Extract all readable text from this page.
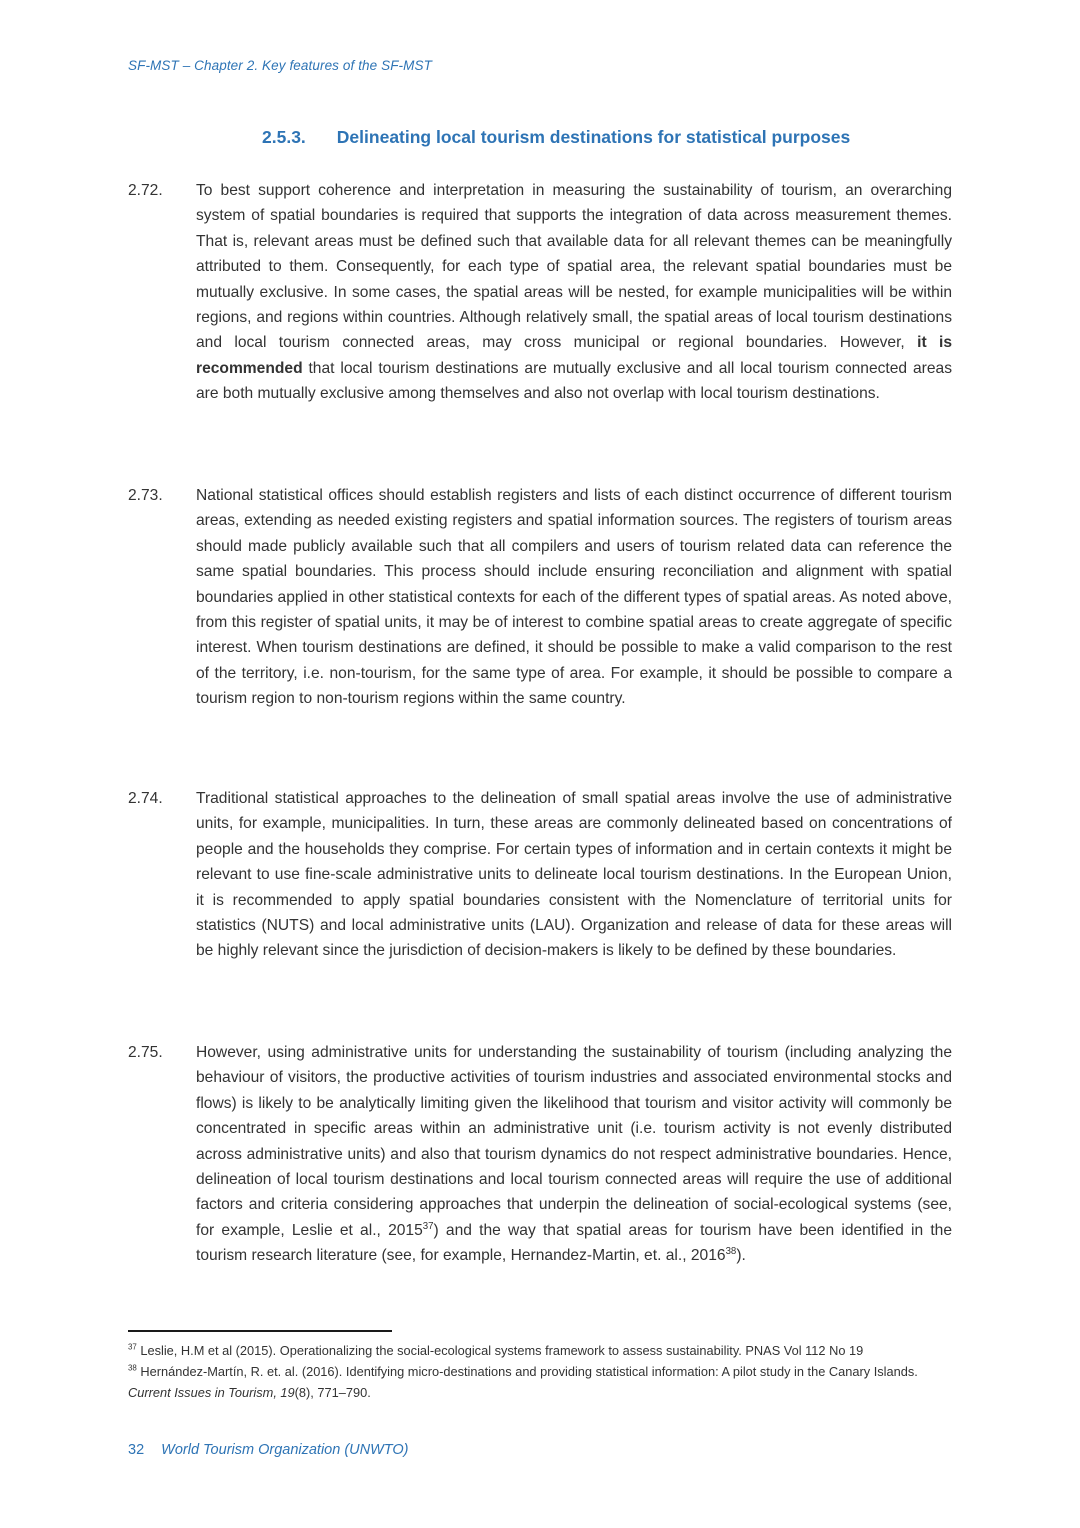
SF-MST – Chapter 2. Key features of the SF-MST
2.5.3. Delineating local tourism destinations for statistical purposes
2.72.	To best support coherence and interpretation in measuring the sustainability of tourism, an overarching system of spatial boundaries is required that supports the integration of data across measurement themes. That is, relevant areas must be defined such that available data for all relevant themes can be meaningfully attributed to them. Consequently, for each type of spatial area, the relevant spatial boundaries must be mutually exclusive. In some cases, the spatial areas will be nested, for example municipalities will be within regions, and regions within countries. Although relatively small, the spatial areas of local tourism destinations and local tourism connected areas, may cross municipal or regional boundaries. However, it is recommended that local tourism destinations are mutually exclusive and all local tourism connected areas are both mutually exclusive among themselves and also not overlap with local tourism destinations.
2.73.	National statistical offices should establish registers and lists of each distinct occurrence of different tourism areas, extending as needed existing registers and spatial information sources. The registers of tourism areas should made publicly available such that all compilers and users of tourism related data can reference the same spatial boundaries. This process should include ensuring reconciliation and alignment with spatial boundaries applied in other statistical contexts for each of the different types of spatial areas. As noted above, from this register of spatial units, it may be of interest to combine spatial areas to create aggregate of specific interest. When tourism destinations are defined, it should be possible to make a valid comparison to the rest of the territory, i.e. non-tourism, for the same type of area. For example, it should be possible to compare a tourism region to non-tourism regions within the same country.
2.74.	Traditional statistical approaches to the delineation of small spatial areas involve the use of administrative units, for example, municipalities. In turn, these areas are commonly delineated based on concentrations of people and the households they comprise. For certain types of information and in certain contexts it might be relevant to use fine-scale administrative units to delineate local tourism destinations. In the European Union, it is recommended to apply spatial boundaries consistent with the Nomenclature of territorial units for statistics (NUTS) and local administrative units (LAU). Organization and release of data for these areas will be highly relevant since the jurisdiction of decision-makers is likely to be defined by these boundaries.
2.75.	However, using administrative units for understanding the sustainability of tourism (including analyzing the behaviour of visitors, the productive activities of tourism industries and associated environmental stocks and flows) is likely to be analytically limiting given the likelihood that tourism and visitor activity will commonly be concentrated in specific areas within an administrative unit (i.e. tourism activity is not evenly distributed across administrative units) and also that tourism dynamics do not respect administrative boundaries. Hence, delineation of local tourism destinations and local tourism connected areas will require the use of additional factors and criteria considering approaches that underpin the delineation of social-ecological systems (see, for example, Leslie et al., 2015$^{37}$) and the way that spatial areas for tourism have been identified in the tourism research literature (see, for example, Hernandez-Martin, et. al., 2016$^{38}$).
$^{37}$ Leslie, H.M et al (2015). Operationalizing the social-ecological systems framework to assess sustainability. PNAS Vol 112 No 19
$^{38}$ Hernández-Martín, R. et. al. (2016). Identifying micro-destinations and providing statistical information: A pilot study in the Canary Islands. Current Issues in Tourism, 19(8), 771–790.
32 World Tourism Organization (UNWTO)
